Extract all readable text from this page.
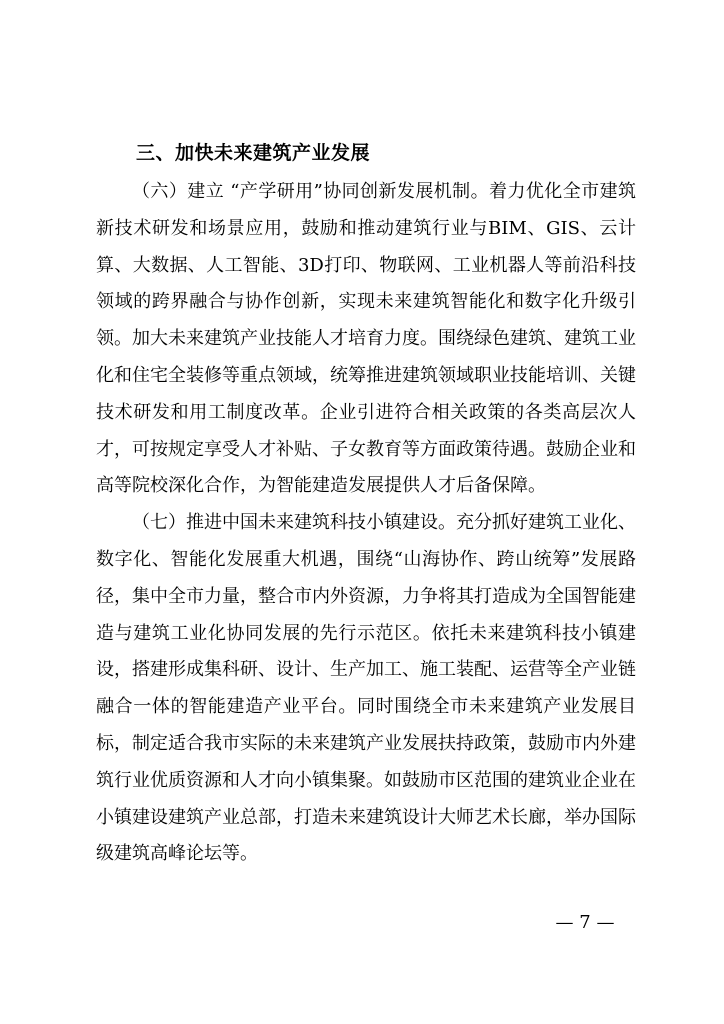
三、加快未来建筑产业发展

（六）建立 “产学研用”协同创新发展机制。着力优化全市建筑新技术研发和场景应用，鼓励和推动建筑行业与BIM、GIS、云计算、大数据、人工智能、3D打印、物联网、工业机器人等前沿科技领域的跨界融合与协作创新，实现未来建筑智能化和数字化升级引领。加大未来建筑产业技能人才培育力度。围绕绿色建筑、建筑工业化和住宅全装修等重点领域，统筹推进建筑领域职业技能培训、关键技术研发和用工制度改革。企业引进符合相关政策的各类高层次人才，可按规定享受人才补贴、子女教育等方面政策待遇。鼓励企业和高等院校深化合作，为智能建造发展提供人才后备保障。

（七）推进中国未来建筑科技小镇建设。充分抓好建筑工业化、数字化、智能化发展重大机遇，围绕“山海协作、跨山统筹”发展路径，集中全市力量，整合市内外资源，力争将其打造成为全国智能建造与建筑工业化协同发展的先行示范区。依托未来建筑科技小镇建设，搭建形成集科研、设计、生产加工、施工装配、运营等全产业链融合一体的智能建造产业平台。同时围绕全市未来建筑产业发展目标，制定适合我市实际的未来建筑产业发展扶持政策，鼓励市内外建筑行业优质资源和人才向小镇集聚。如鼓励市区范围的建筑业企业在小镇建设建筑产业总部，打造未来建筑设计大师艺术长廊，举办国际级建筑高峰论坛等。

— 7 —
